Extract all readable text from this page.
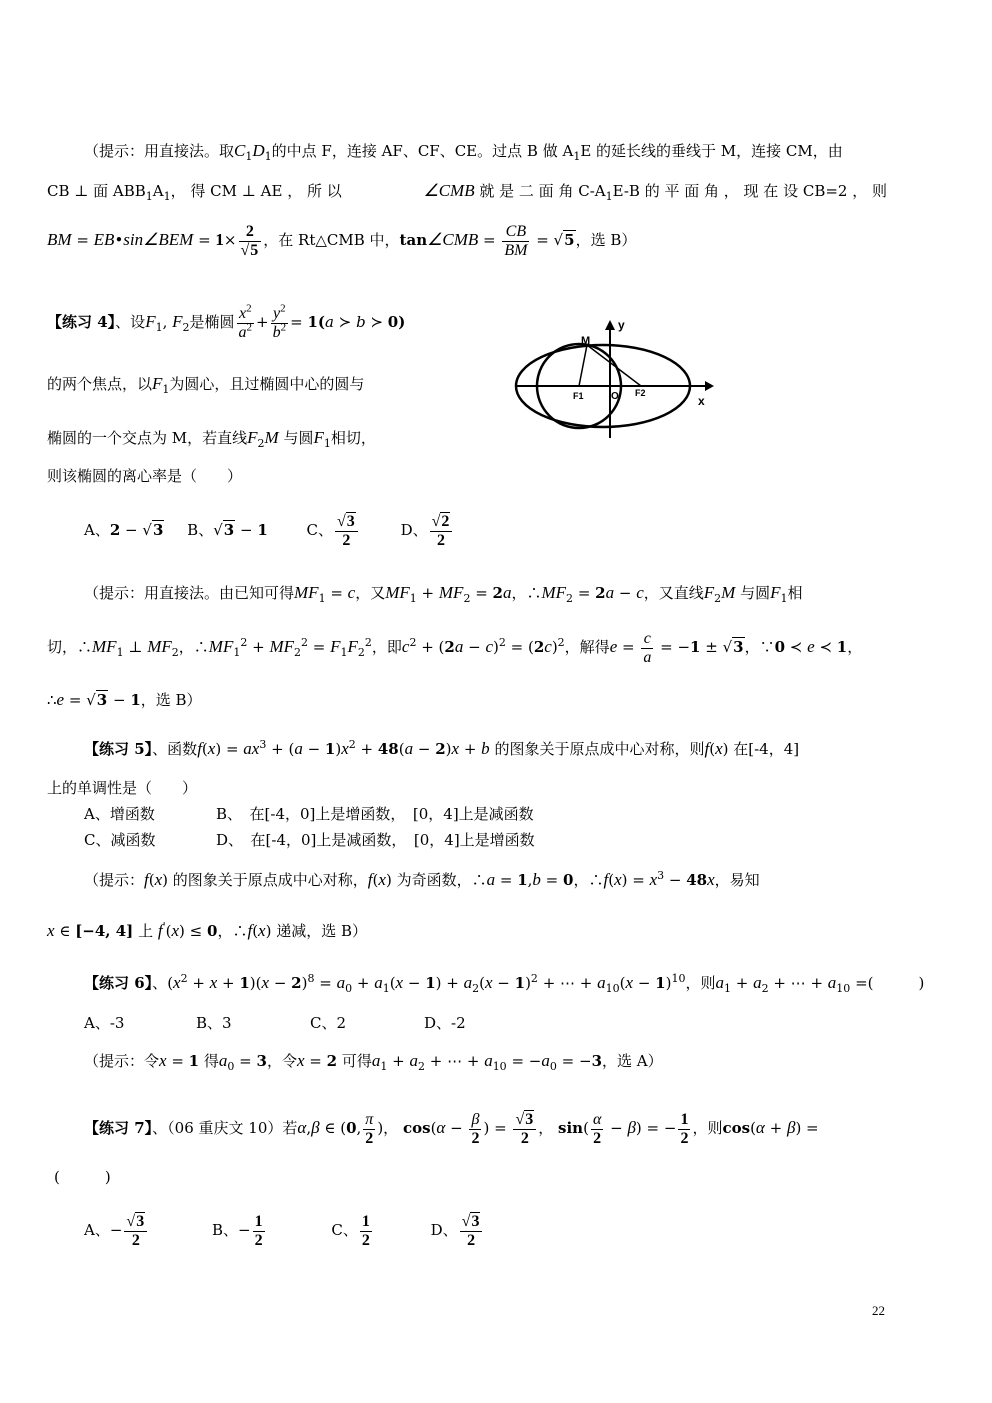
（提示：用直接法。取$C_1D_1$的中点 F，连接 AF、CF、CE。过点 B 做 $A_1E$ 的延长线的垂线于 M，连接 CM，由
CB ⊥ 面 $ABB_1A_1$， 得 CM ⊥ AE ， 所 以	∠CMB 就 是 二 面 角 $C-A_1E-B$ 的 平 面 角 ， 现 在 设 CB=2 ， 则
BM = EB•sin∠BEM = $1\times \frac{2}{√5}$ ，在 Rt△CMB 中，tan∠CMB = $\frac{CB}{BM} = √5$，选 B）
【练习 4】、设$F_1$, $F_2$是椭圆 $\frac{x^2}{a^2} + \frac{y^2}{b^2} = 1(a$ ≻ b ≻ 0)
的两个焦点，以$F_1$为圆心，且过椭圆中心的圆与
椭圆的一个交点为 M，若直线$F_2M$ 与圆$F_1$相切，
则该椭圆的离心率是（　　）
A、2 − √3 B、√3 − 1	C、 $\frac{√3}{2}$	D、 $\frac{√2}{2}$
M
y
x
O
F1	F2
（提示：用直接法。由已知可得$MF_1 = c$，又$MF_1 + MF_2 = 2a$，$\therefore MF_2 = 2a - c$，又直线$F_2M$ 与圆$F_1$相
切，$\therefore MF_1$ ⊥ $MF_2$，$\therefore MF_1^2 + MF_2^2 = F_1F_2^2$，即$c^2 + (2a - c)^2 = (2c)^2$，解得$e = \frac{c}{a} = -1 \pm √3$，∵0 ≺ e ≺ 1，
∴e = √3 − 1，选 B）
【练习 5】、函数$f(x) = ax^3 + (a - 1)x^2 + 48(a - 2)x + b$ 的图象关于原点成中心对称，则f(x) 在[-4，4]
上的单调性是（　　）
A、增函数	B、　在[-4，0]上是增函数，　[0，4]上是减函数
C、减函数	D、　在[-4，0]上是减函数，　[0，4]上是增函数
（提示：f(x) 的图象关于原点成中心对称，f(x) 为奇函数，∴a = 1,b = 0，∴f(x) = $x^3 - 48x$，易知
x ∈ [−4, 4] 上 f'(x) ≤ 0，∴f(x) 递减，选 B）
【练习 6】、$(x^2 + x + 1)(x - 2)^8 = a_0 + a_1(x - 1) + a_2(x - 1)^2$ + ⋯ + $a_{10}(x - 1)^{10}$，则$a_1 + a_2$ + ⋯ + $a_{10}$ =(　　　)
A、-3	B、3	C、2	D、-2
（提示：令x = 1 得$a_0 = 3$，令x = 2 可得$a_1 + a_2$ + ⋯ + $a_{10} = -a_0 = -3$，选 A）
【练习 7】、（06 重庆文 10）若α,β ∈ (0, $\frac{\pi}{2}$ )， $\cos(\alpha - \frac{\beta}{2}$ ) = $\frac{√3}{2}$ ， $\sin( \frac{\alpha}{2} - \beta)$ = − $\frac{1}{2}$ ，则cos(α + β) =
(　　　)
A、− $\frac{√3}{2}$	B、− $\frac{1}{2}$	C、 $\frac{1}{2}$	D、 $\frac{√3}{2}$
22
